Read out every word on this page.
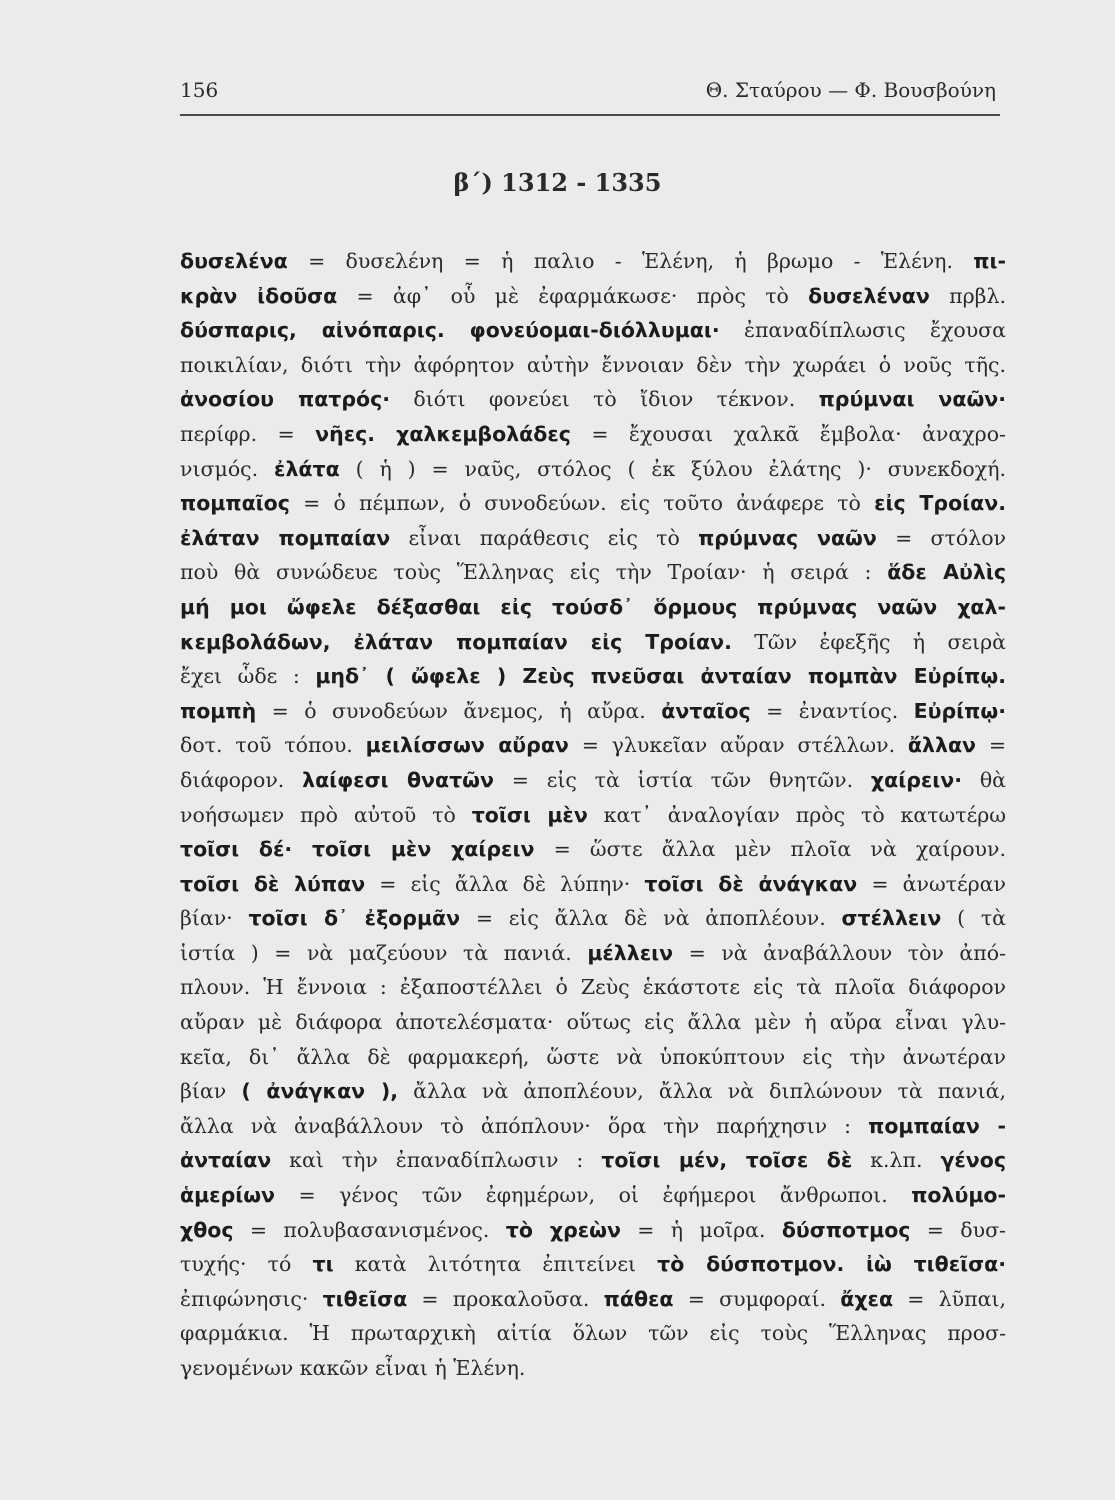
156	Θ. Σταύρου — Φ. Βουσβούνη
β΄) 1312 - 1335
δυσελένα = δυσελένη = ἡ παλιο - Ἑλένη, ἡ βρωμο - Ἑλένη. πι-
κρὰν ἰδοῦσα = ἀφ᾽ οὗ μὲ ἐφαρμάκωσε· πρὸς τὸ δυσελέναν πρβλ.
δύσπαρις, αἰνόπαρις. φονεύομαι-διόλλυμαι· ἐπαναδίπλωσις ἔχουσα
ποικιλίαν, διότι τὴν ἀφόρητον αὐτὴν ἔννοιαν δὲν τὴν χωράει ὁ νοῦς τῆς.
ἀνοσίου πατρός· διότι φονεύει τὸ ἴδιον τέκνον. πρύμναι ναῶν·
περίφρ. = νῆες. χαλκεμβολάδες = ἔχουσαι χαλκᾶ ἔμβολα· ἀναχρο-
νισμός. ἐλάτα ( ἡ ) = ναῦς, στόλος ( ἐκ ξύλου ἐλάτης )· συνεκδοχή.
πομπαῖος = ὁ πέμπων, ὁ συνοδεύων. εἰς τοῦτο ἀνάφερε τὸ εἰς Τροίαν.
ἐλάταν πομπαίαν εἶναι παράθεσις εἰς τὸ πρύμνας ναῶν = στόλον
ποὺ θὰ συνώδευε τοὺς Ἕλληνας εἰς τὴν Τροίαν· ἡ σειρά : ἅδε Αὐλὶς
μή μοι ὤφελε δέξασθαι εἰς τούσδ᾽ ὅρμους πρύμνας ναῶν χαλ-
κεμβολάδων, ἐλάταν πομπαίαν εἰς Τροίαν. Τῶν ἐφεξῆς ἡ σειρὰ
ἔχει ὧδε : μηδ᾽ ( ὤφελε ) Ζεὺς πνεῦσαι ἀνταίαν πομπὰν Εὐρίπῳ.
πομπὴ = ὁ συνοδεύων ἄνεμος, ἡ αὔρα. ἀνταῖος = ἐναντίος. Εὐρίπῳ·
δοτ. τοῦ τόπου. μειλίσσων αὔραν = γλυκεῖαν αὔραν στέλλων. ἄλλαν =
διάφορον. λαίφεσι θνατῶν = εἰς τὰ ἱστία τῶν θνητῶν. χαίρειν· θὰ
νοήσωμεν πρὸ αὐτοῦ τὸ τοῖσι μὲν κατ᾽ ἀναλογίαν πρὸς τὸ κατωτέρω
τοῖσι δέ· τοῖσι μὲν χαίρειν = ὥστε ἄλλα μὲν πλοῖα νὰ χαίρουν.
τοῖσι δὲ λύπαν = εἰς ἄλλα δὲ λύπην· τοῖσι δὲ ἀνάγκαν = ἀνωτέραν
βίαν· τοῖσι δ᾽ ἐξορμᾶν = εἰς ἄλλα δὲ νὰ ἀποπλέουν. στέλλειν ( τὰ
ἱστία ) = νὰ μαζεύουν τὰ πανιά. μέλλειν = νὰ ἀναβάλλουν τὸν ἀπό-
πλουν. Ἡ ἔννοια : ἐξαποστέλλει ὁ Ζεὺς ἑκάστοτε εἰς τὰ πλοῖα διάφορον
αὔραν μὲ διάφορα ἀποτελέσματα· οὕτως εἰς ἄλλα μὲν ἡ αὔρα εἶναι γλυ-
κεῖα, δι᾽ ἄλλα δὲ φαρμακερή, ὥστε νὰ ὑποκύπτουν εἰς τὴν ἀνωτέραν
βίαν ( ἀνάγκαν ), ἄλλα νὰ ἀποπλέουν, ἄλλα νὰ διπλώνουν τὰ πανιά,
ἄλλα νὰ ἀναβάλλουν τὸ ἀπόπλουν· ὅρα τὴν παρήχησιν : πομπαίαν -
ἀνταίαν καὶ τὴν ἐπαναδίπλωσιν : τοῖσι μέν, τοῖσε δὲ κ.λπ. γένος
ἁμερίων = γένος τῶν ἐφημέρων, οἱ ἐφήμεροι ἄνθρωποι. πολύμο-
χθος = πολυβασανισμένος. τὸ χρεὼν = ἡ μοῖρα. δύσποτμος = δυσ-
τυχής· τό τι κατὰ λιτότητα ἐπιτείνει τὸ δύσποτμον. ἰὼ τιθεῖσα·
ἐπιφώνησις· τιθεῖσα = προκαλοῦσα. πάθεα = συμφοραί. ἄχεα = λῦπαι,
φαρμάκια. Ἡ πρωταρχικὴ αἰτία ὅλων τῶν εἰς τοὺς Ἕλληνας προσ-
γενομένων κακῶν εἶναι ἡ Ἑλένη.
